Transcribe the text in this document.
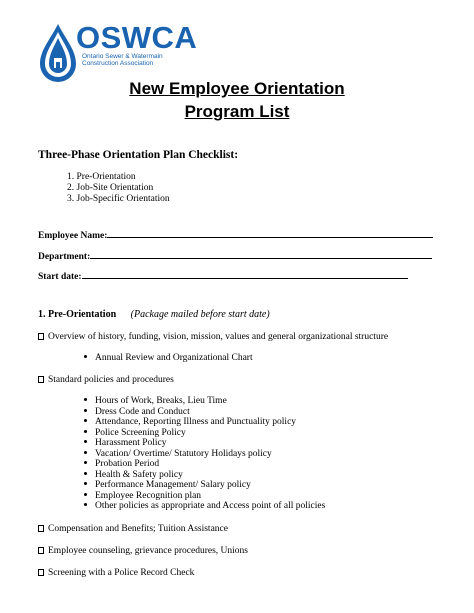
OSWCA
Ontario Sewer & Watermain
Construction Association
New Employee Orientation
Program List
Three-Phase Orientation Plan Checklist:
1. Pre-Orientation
2. Job-Site Orientation
3. Job-Specific Orientation
Employee Name:
Department:
Start date:
1. Pre-Orientation (Package mailed before start date)
Overview of history, funding, vision, mission, values and general organizational structure
Annual Review and Organizational Chart
Standard policies and procedures
Hours of Work, Breaks, Lieu Time
Dress Code and Conduct
Attendance, Reporting Illness and Punctuality policy
Police Screening Policy
Harassment Policy
Vacation/ Overtime/ Statutory Holidays policy
Probation Period
Health & Safety policy
Performance Management/ Salary policy
Employee Recognition plan
Other policies as appropriate and Access point of all policies
Compensation and Benefits; Tuition Assistance
Employee counseling, grievance procedures, Unions
Screening with a Police Record Check
